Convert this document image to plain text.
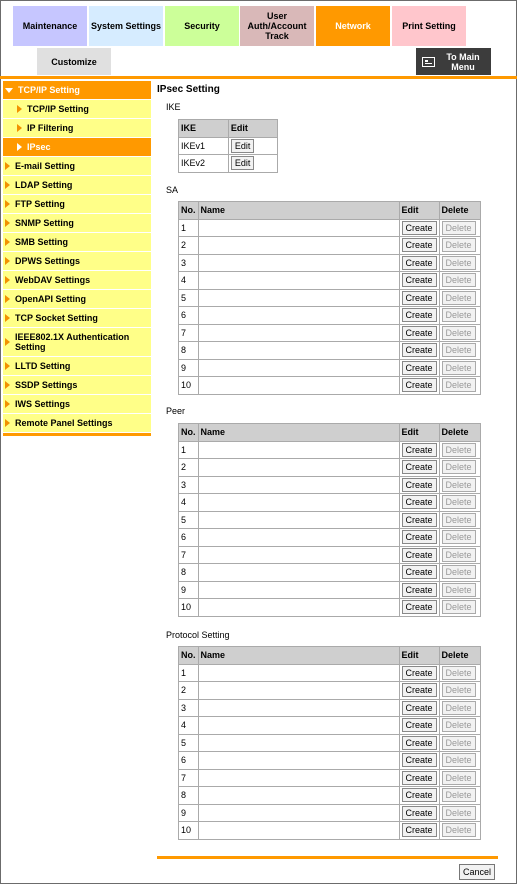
Maintenance	System Settings	Security
User Auth/Account Track
Network	Print Setting
Customize	To Main Menu
TCP/IP Setting
TCP/IP Setting
IP Filtering
IPsec
E-mail Setting
LDAP Setting
FTP Setting
SNMP Setting
SMB Setting
DPWS Settings
WebDAV Settings
OpenAPI Setting
TCP Socket Setting
IEEE802.1X Authentication Setting
LLTD Setting
SSDP Settings
IWS Settings
Remote Panel Settings
IPsec Setting
IKE
IKE	Edit
IKEv1	Edit
IKEv2	Edit
SA
No.	Name	Edit	Delete
1		Create	Delete
2		Create	Delete
3		Create	Delete
4		Create	Delete
5		Create	Delete
6		Create	Delete
7		Create	Delete
8		Create	Delete
9		Create	Delete
10		Create	Delete
Peer
No.	Name	Edit	Delete
1		Create	Delete
2		Create	Delete
3		Create	Delete
4		Create	Delete
5		Create	Delete
6		Create	Delete
7		Create	Delete
8		Create	Delete
9		Create	Delete
10		Create	Delete
Protocol Setting
No.	Name	Edit	Delete
1		Create	Delete
2		Create	Delete
3		Create	Delete
4		Create	Delete
5		Create	Delete
6		Create	Delete
7		Create	Delete
8		Create	Delete
9		Create	Delete
10		Create	Delete
Cancel
